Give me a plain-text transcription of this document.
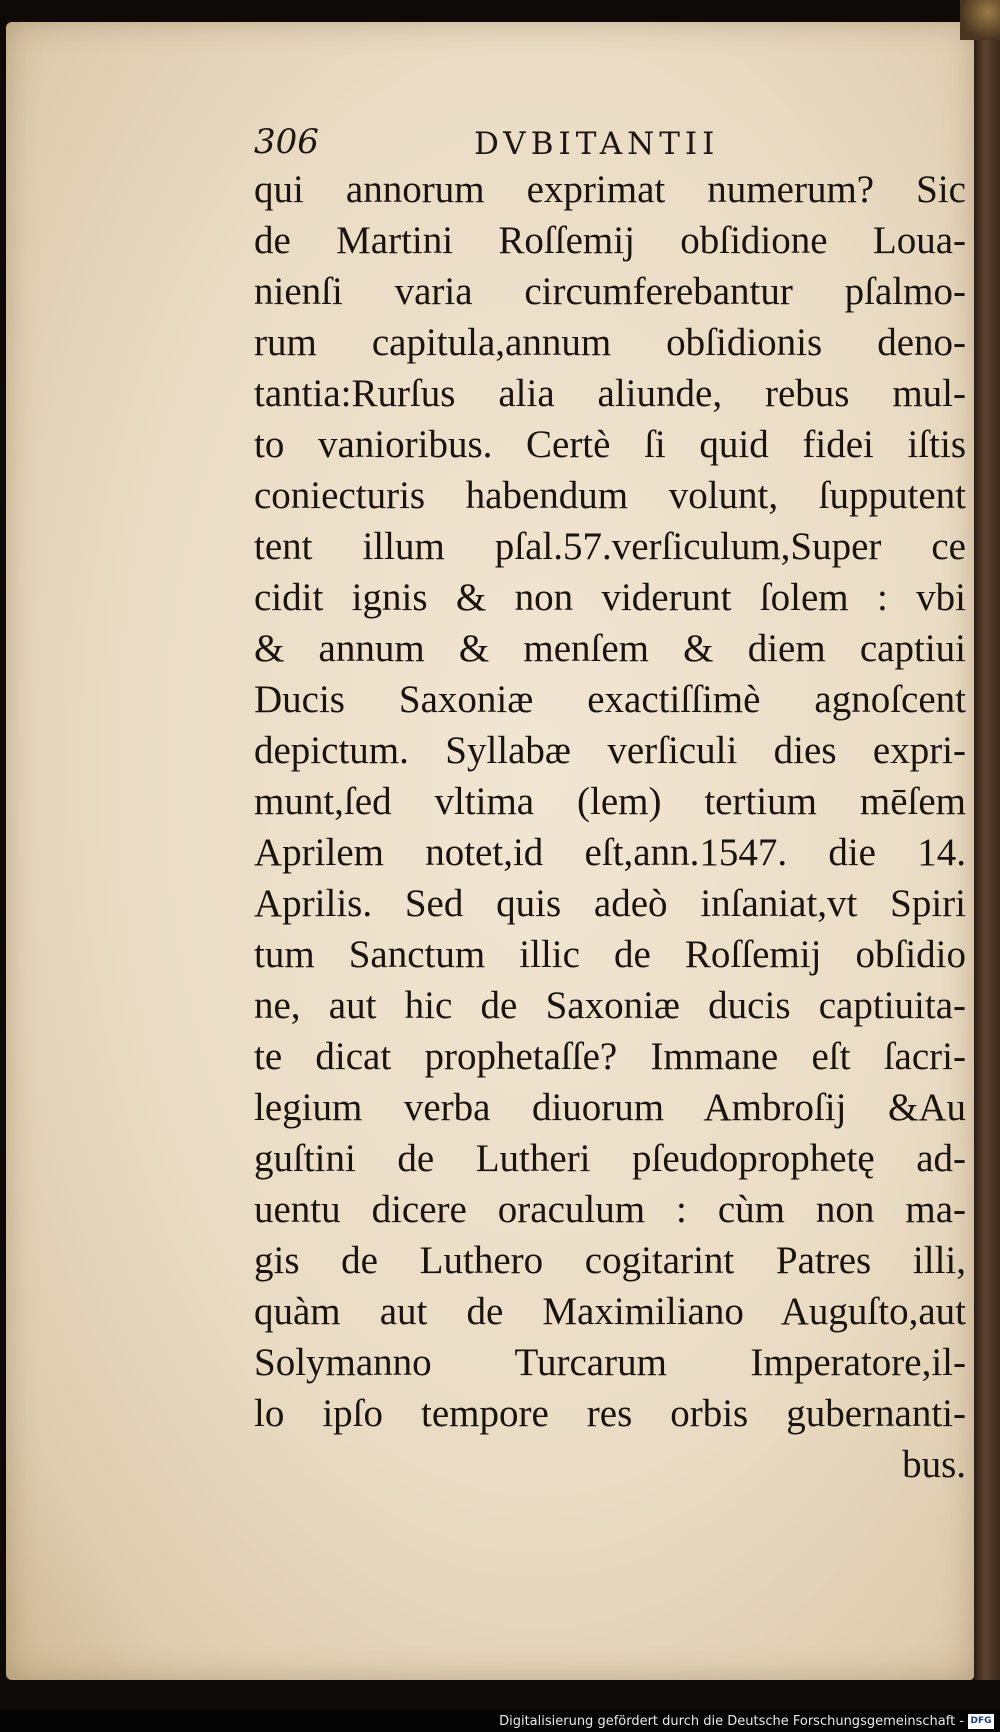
306	DVBITANTII
qui annorum exprimat numerum? Sic
de Martini Roſſemij obſidione Loua-
nienſi varia circumferebantur pſalmo-
rum capitula,annum obſidionis deno-
tantia:Rurſus alia aliunde, rebus mul-
to vanioribus. Certè ſi quid fidei iſtis
coniecturis habendum volunt, ſupputent
tent illum pſal.57.verſiculum,Super ce
cidit ignis & non viderunt ſolem : vbi
& annum & menſem & diem captiui
Ducis Saxoniæ exactiſſimè agnoſcent
depictum. Syllabæ verſiculi dies expri-
munt,ſed vltima (lem) tertium mēſem
Aprilem notet,id eſt,ann.1547. die 14.
Aprilis. Sed quis adeò inſaniat,vt Spiri
tum Sanctum illic de Roſſemij obſidio
ne, aut hic de Saxoniæ ducis captiuita-
te dicat prophetaſſe? Immane eſt ſacri-
legium verba diuorum Ambroſij &Au
guſtini de Lutheri pſeudoprophetę ad-
uentu dicere oraculum : cùm non ma-
gis de Luthero cogitarint Patres illi,
quàm aut de Maximiliano Auguſto,aut
Solymanno Turcarum Imperatore,il-
lo ipſo tempore res orbis gubernanti-
bus.
Digitalisierung gefördert durch die Deutsche Forschungsgemeinschaft - DFG
